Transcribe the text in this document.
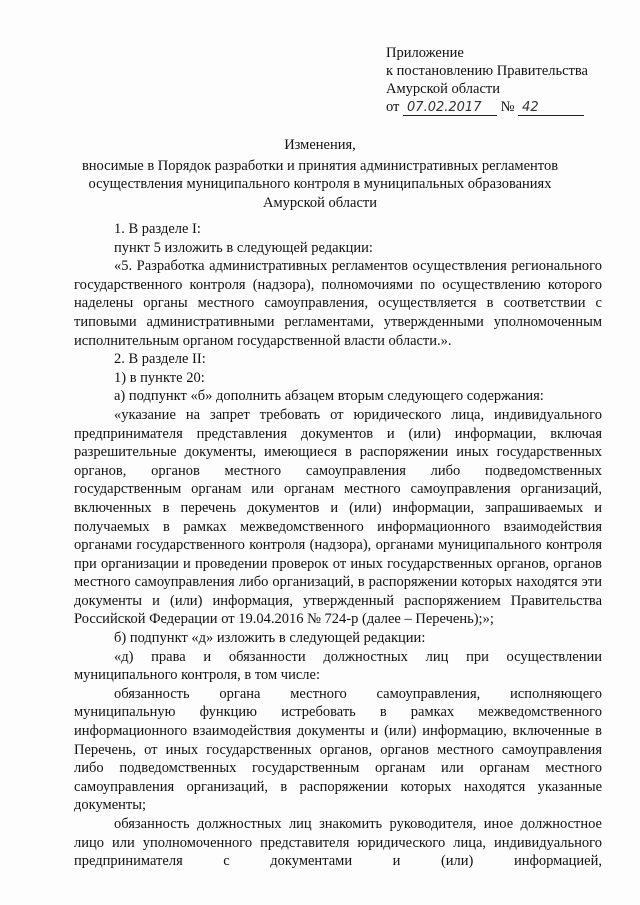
Приложение
к постановлению Правительства
Амурской области
от 07.02.2017 № 42
Изменения,
вносимые в Порядок разработки и принятия административных регламентов
осуществления муниципального контроля в муниципальных образованиях
Амурской области

1. В разделе I:

пункт 5 изложить в следующей редакции:

«5. Разработка административных регламентов осуществления регионального государственного контроля (надзора), полномочиями по осуществлению которого наделены органы местного самоуправления, осуществляется в соответствии с типовыми административными регламентами, утвержденными уполномоченным исполнительным органом государственной власти области.».

2. В разделе II:

1) в пункте 20:

а) подпункт «б» дополнить абзацем вторым следующего содержания:

«указание на запрет требовать от юридического лица, индивидуального предпринимателя представления документов и (или) информации, включая разрешительные документы, имеющиеся в распоряжении иных государственных органов, органов местного самоуправления либо подведомственных государственным органам или органам местного самоуправления организаций, включенных в перечень документов и (или) информации, запрашиваемых и получаемых в рамках межведомственного информационного взаимодействия органами государственного контроля (надзора), органами муниципального контроля при организации и проведении проверок от иных государственных органов, органов местного самоуправления либо организаций, в распоряжении которых находятся эти документы и (или) информация, утвержденный распоряжением Правительства Российской Федерации от 19.04.2016 № 724-р (далее – Перечень);»;

б) подпункт «д» изложить в следующей редакции:

«д) права и обязанности должностных лиц при осуществлении муниципального контроля, в том числе:

обязанность органа местного самоуправления, исполняющего муниципальную функцию истребовать в рамках межведомственного информационного взаимодействия документы и (или) информацию, включенные в Перечень, от иных государственных органов, органов местного самоуправления либо подведомственных государственным органам или органам местного самоуправления организаций, в распоряжении которых находятся указанные документы;

обязанность должностных лиц знакомить руководителя, иное должностное лицо или уполномоченного представителя юридического лица, индивидуального предпринимателя с документами и (или) информацией,
